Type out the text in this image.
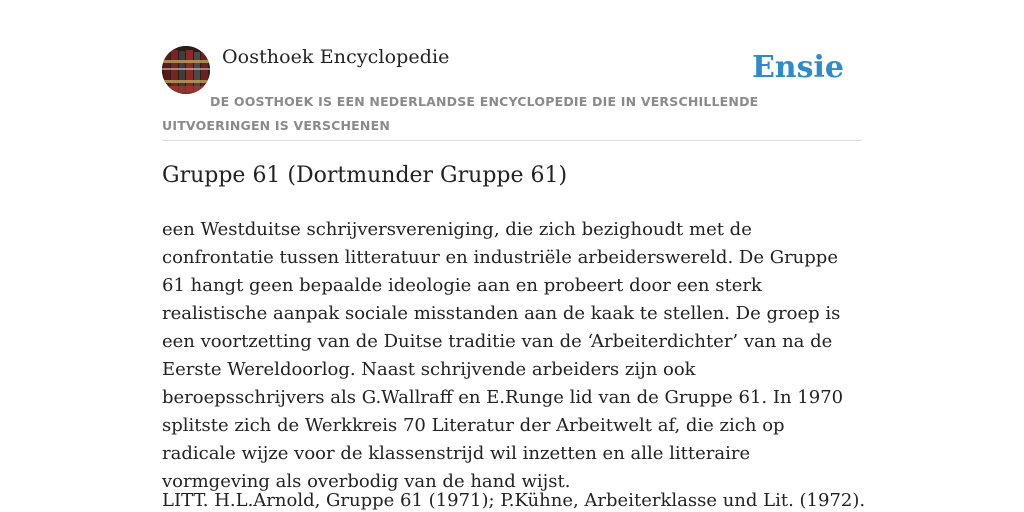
Oosthoek Encyclopedie	Ensie
DE OOSTHOEK IS EEN NEDERLANDSE ENCYCLOPEDIE DIE IN VERSCHILLENDE UITVOERINGEN IS VERSCHENEN
Gruppe 61 (Dortmunder Gruppe 61)

een Westduitse schrijversvereniging, die zich bezighoudt met de confrontatie tussen litteratuur en industriële arbeiderswereld. De Gruppe 61 hangt geen bepaalde ideologie aan en probeert door een sterk realistische aanpak sociale misstanden aan de kaak te stellen. De groep is een voortzetting van de Duitse traditie van de ‘Arbeiterdichter’ van na de Eerste Wereldoorlog. Naast schrijvende arbeiders zijn ook beroepsschrijvers als G.Wallraff en E.Runge lid van de Gruppe 61. In 1970 splitste zich de Werkkreis 70 Literatur der Arbeitwelt af, die zich op radicale wijze voor de klassenstrijd wil inzetten en alle litteraire vormgeving als overbodig van de hand wijst.

LITT. H.L.Arnold, Gruppe 61 (1971); P.Kühne, Arbeiterklasse und Lit. (1972).
